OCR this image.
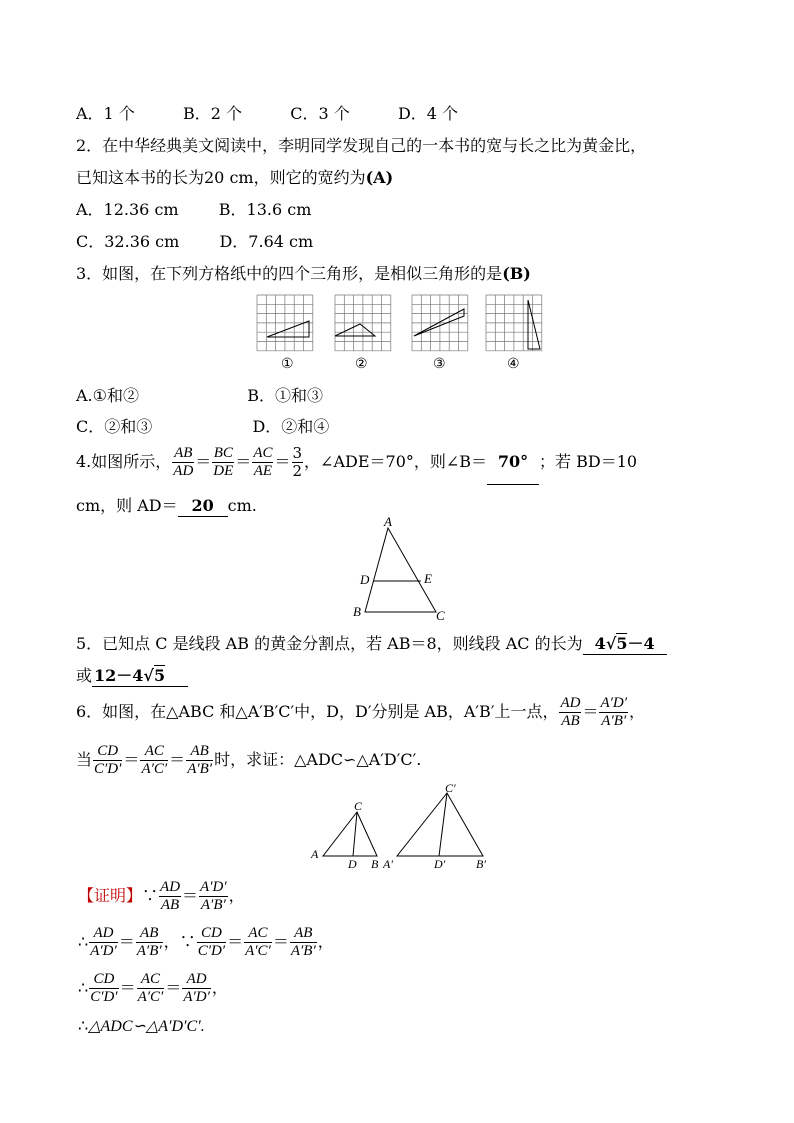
A．1 个	B．2 个	C．3 个	D．4 个
2．在中华经典美文阅读中，李明同学发现自己的一本书的宽与长之比为黄金比，
已知这本书的长为20 cm，则它的宽约为(A)
A．12.36 cm	B．13.6 cm
C．32.36 cm	D．7.64 cm
3．如图，在下列方格纸中的四个三角形，是相似三角形的是(B)
①	②	③	④
A.①和②	B．①和③
C．②和③	D．②和④
4.如图所示， $\frac{AB}{AD} = \frac{BC}{DE} = \frac{AC}{AE} = \frac{3}{2}$ ，∠ADE＝70°，则∠B＝ 70° ；若 BD＝10
cm，则 AD＝ 20 cm.
A
D	E
B	C
5．已知点 C 是线段 AB 的黄金分割点，若 AB＝8，则线段 AC 的长为 4√5－4
或 12－4√5
6．如图，在△ABC 和△A′B′C′中，D，D′分别是 AB，A′B′上一点， $\frac{AD}{AB} = \frac{A'D'}{A'B'}$ ，
当 $\frac{CD}{C'D'} = \frac{AC}{A'C'} = \frac{AB}{A'B'}$ 时，求证：△ADC∽△A′D′C′.
C
A
D B
C′
A′	D′	B′
【证明】∵ $\frac{AD}{AB} = \frac{A'D'}{A'B'}$ ，
∴ $\frac{AD}{A'D'} = \frac{AB}{A'B'}$ ，∵ $\frac{CD}{C'D'} = \frac{AC}{A'C'} = \frac{AB}{A'B'}$ ，
∴ $\frac{CD}{C'D'} = \frac{AC}{A'C'} = \frac{AD}{A'D'}$ ，
∴△ADC∽△A′D′C′.
